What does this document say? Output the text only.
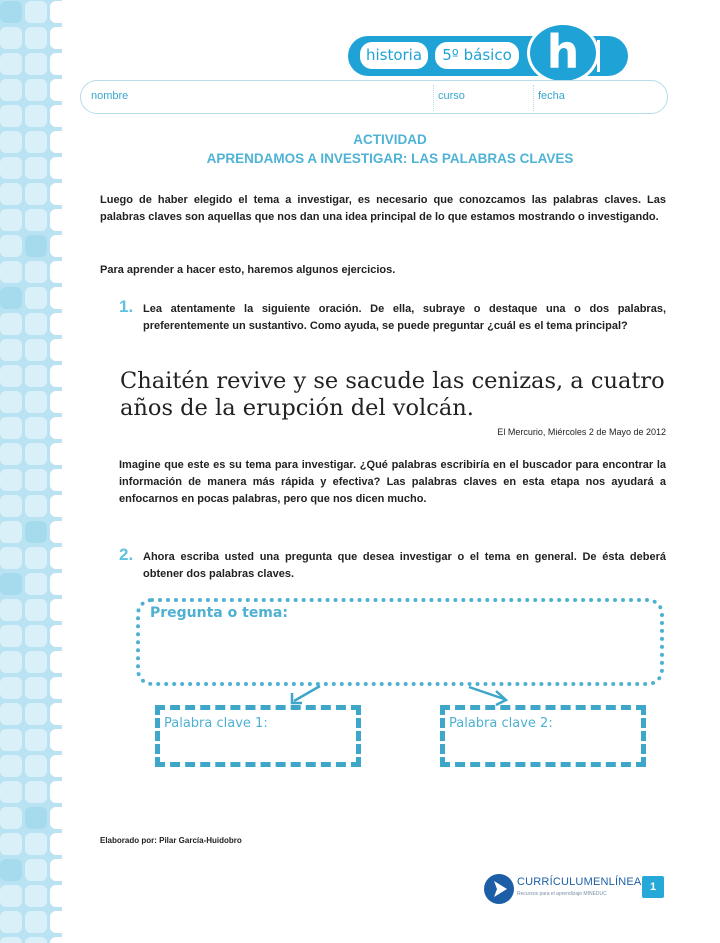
historia	5º básico h
nombre	curso	fecha
ACTIVIDAD
APRENDAMOS A INVESTIGAR: LAS PALABRAS CLAVES
Luego de haber elegido el tema a investigar, es necesario que conozcamos las palabras claves. Las palabras claves son aquellas que nos dan una idea principal de lo que estamos mostrando o investigando.
Para aprender a hacer esto, haremos algunos ejercicios.
1. Lea atentamente la siguiente oración. De ella, subraye o destaque una o dos palabras, preferentemente un sustantivo. Como ayuda, se puede preguntar ¿cuál es el tema principal?
Chaitén revive y se sacude las cenizas, a cuatro años de la erupción del volcán.
El Mercurio, Miércoles 2 de Mayo de 2012
Imagine que este es su tema para investigar. ¿Qué palabras escribiría en el buscador para encontrar la información de manera más rápida y efectiva? Las palabras claves en esta etapa nos ayudará a enfocarnos en pocas palabras, pero que nos dicen mucho.
2. Ahora escriba usted una pregunta que desea investigar o el tema en general. De ésta deberá obtener dos palabras claves.
Pregunta o tema:
Palabra clave 1:	Palabra clave 2:
Elaborado por: Pilar García-Huidobro
CURRÍCULUMENLÍNEA
Recursos para el aprendizaje MINEDUC
1
